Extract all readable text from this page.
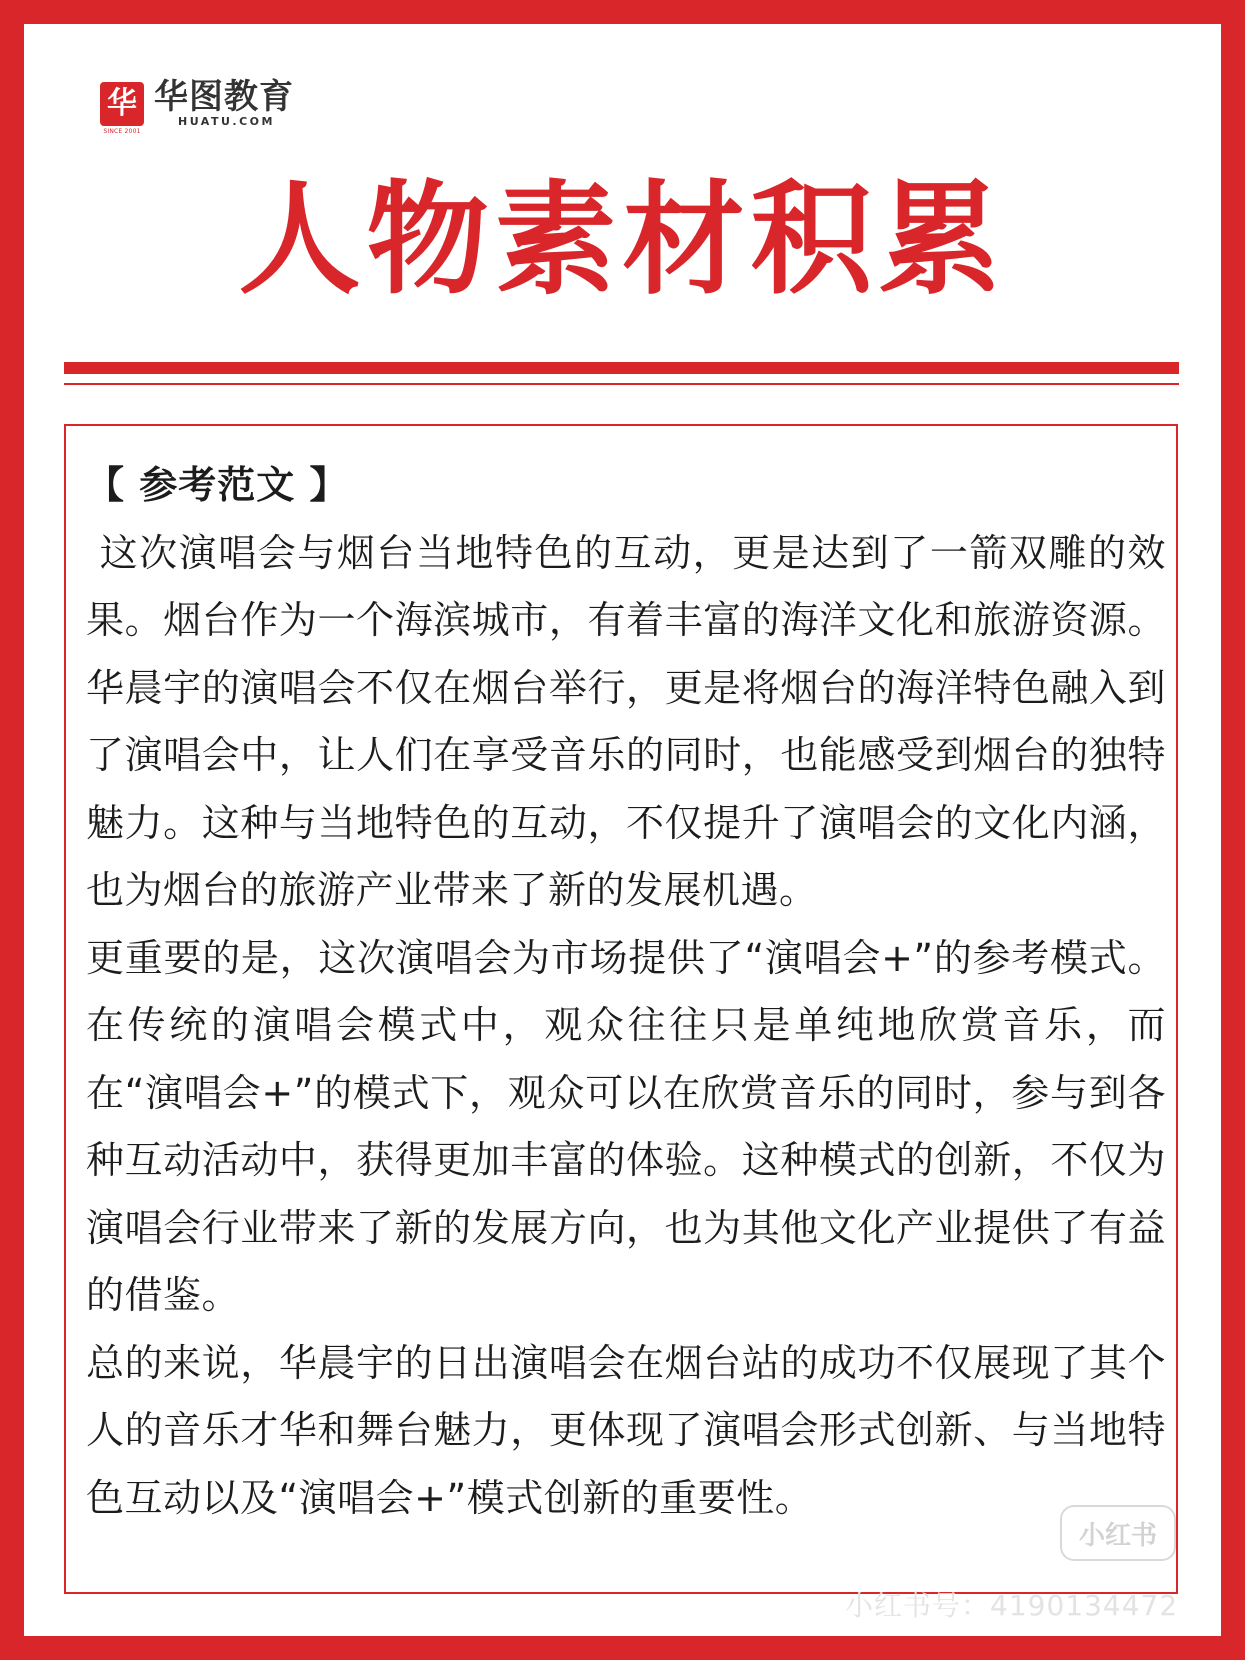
华
SINCE 2001
华图教育
HUATU.COM
人物素材积累

【 参考范文 】

这次演唱会与烟台当地特色的互动，更是达到了一箭双雕的效果。烟台作为一个海滨城市，有着丰富的海洋文化和旅游资源。华晨宇的演唱会不仅在烟台举行，更是将烟台的海洋特色融入到了演唱会中，让人们在享受音乐的同时，也能感受到烟台的独特魅力。这种与当地特色的互动，不仅提升了演唱会的文化内涵，也为烟台的旅游产业带来了新的发展机遇。

更重要的是，这次演唱会为市场提供了“演唱会+”的参考模式。在传统的演唱会模式中，观众往往只是单纯地欣赏音乐，而在“演唱会+”的模式下，观众可以在欣赏音乐的同时，参与到各种互动活动中，获得更加丰富的体验。这种模式的创新，不仅为演唱会行业带来了新的发展方向，也为其他文化产业提供了有益的借鉴。

总的来说，华晨宇的日出演唱会在烟台站的成功不仅展现了其个人的音乐才华和舞台魅力，更体现了演唱会形式创新、与当地特色互动以及“演唱会+”模式创新的重要性。

小红书
小红书号：4190134472
